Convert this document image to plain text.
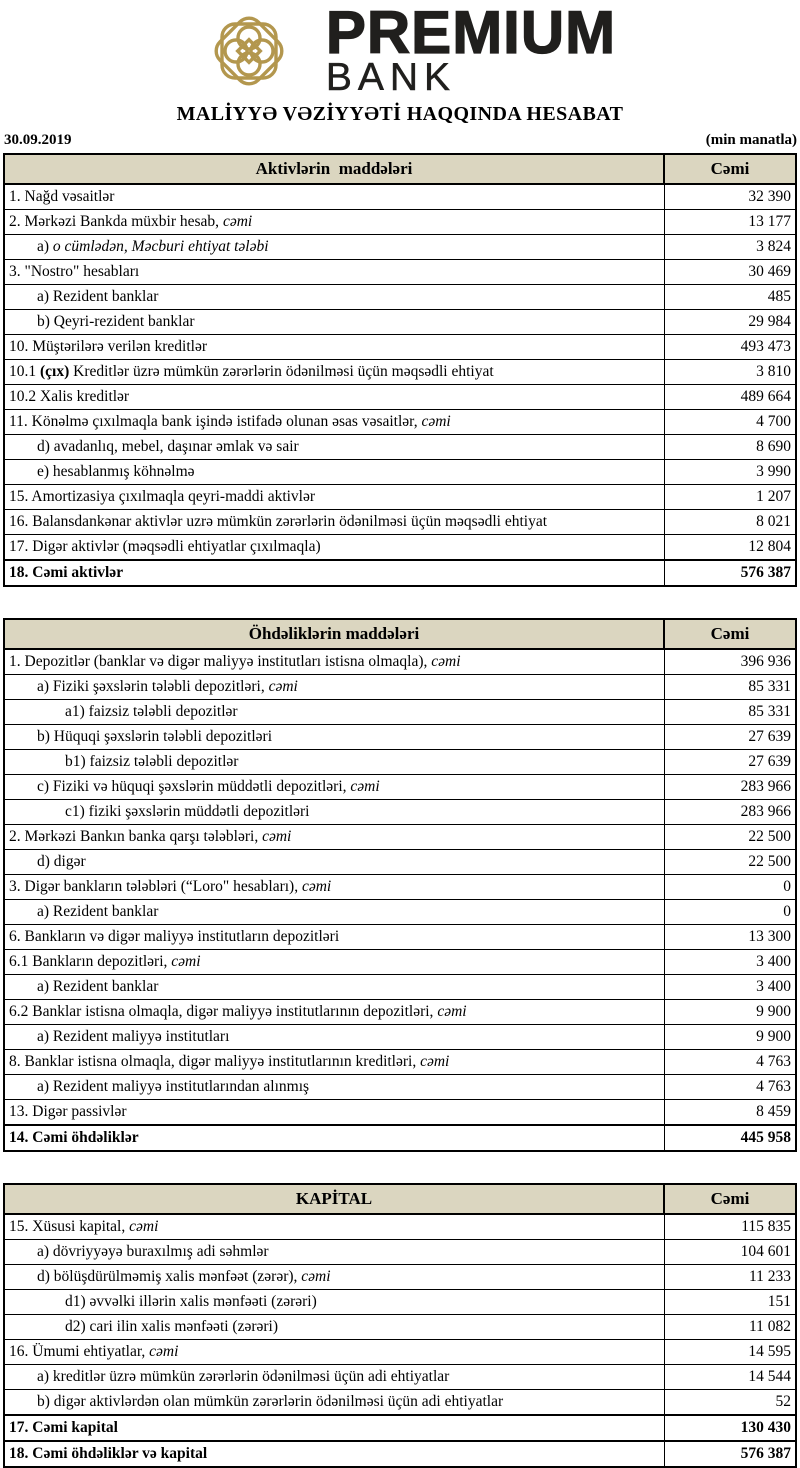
PREMIUM
BANK
MALİYYƏ VƏZİYYƏTİ HAQQINDA HESABAT
30.09.2019	(min manatla)
Aktivlərin  maddələri	Cəmi
1. Nağd vəsaitlər	32 390
2. Mərkəzi Bankda müxbir hesab, cəmi	13 177
a) o cümlədən, Məcburi ehtiyat tələbi	3 824
3. "Nostro" hesabları	30 469
a) Rezident banklar	485
b) Qeyri-rezident banklar	29 984
10. Müştərilərə verilən kreditlər	493 473
10.1 (çıx) Kreditlər üzrə mümkün zərərlərin ödənilməsi üçün məqsədli ehtiyat	3 810
10.2 Xalis kreditlər	489 664
11. Könəlmə çıxılmaqla bank işində istifadə olunan əsas vəsaitlər, cəmi	4 700
d) avadanlıq, mebel, daşınar əmlak və sair	8 690
e) hesablanmış köhnəlmə	3 990
15. Amortizasiya çıxılmaqla qeyri-maddi aktivlər	1 207
16. Balansdankənar aktivlər uzrə mümkün zərərlərin ödənilməsi üçün məqsədli ehtiyat	8 021
17. Digər aktivlər (məqsədli ehtiyatlar çıxılmaqla)	12 804
18. Cəmi aktivlər	576 387
Öhdəliklərin maddələri	Cəmi
1. Depozitlər (banklar və digər maliyyə institutları istisna olmaqla), cəmi	396 936
a) Fiziki şəxslərin tələbli depozitləri, cəmi	85 331
a1) faizsiz tələbli depozitlər	85 331
b) Hüquqi şəxslərin tələbli depozitləri	27 639
b1) faizsiz tələbli depozitlər	27 639
c) Fiziki və hüquqi şəxslərin müddətli depozitləri, cəmi	283 966
c1) fiziki şəxslərin müddətli depozitləri	283 966
2. Mərkəzi Bankın banka qarşı tələbləri, cəmi	22 500
d) digər	22 500
3. Digər bankların tələbləri (“Loro" hesabları), cəmi	0
a) Rezident banklar	0
6. Bankların və digər maliyyə institutların depozitləri	13 300
6.1 Bankların depozitləri, cəmi	3 400
a) Rezident banklar	3 400
6.2 Banklar istisna olmaqla, digər maliyyə institutlarının depozitləri, cəmi	9 900
a) Rezident maliyyə institutları	9 900
8. Banklar istisna olmaqla, digər maliyyə institutlarının kreditləri, cəmi	4 763
a) Rezident maliyyə institutlarından alınmış	4 763
13. Digər passivlər	8 459
14. Cəmi öhdəliklər	445 958
KAPİTAL	Cəmi
15. Xüsusi kapital, cəmi	115 835
a) dövriyyəyə buraxılmış adi səhmlər	104 601
d) bölüşdürülməmiş xalis mənfəət (zərər), cəmi	11 233
d1) əvvəlki illərin xalis mənfəəti (zərəri)	151
d2) cari ilin xalis mənfəəti (zərəri)	11 082
16. Ümumi ehtiyatlar, cəmi	14 595
a) kreditlər üzrə mümkün zərərlərin ödənilməsi üçün adi ehtiyatlar	14 544
b) digər aktivlərdən olan mümkün zərərlərin ödənilməsi üçün adi ehtiyatlar	52
17. Cəmi kapital	130 430
18. Cəmi öhdəliklər və kapital	576 387
